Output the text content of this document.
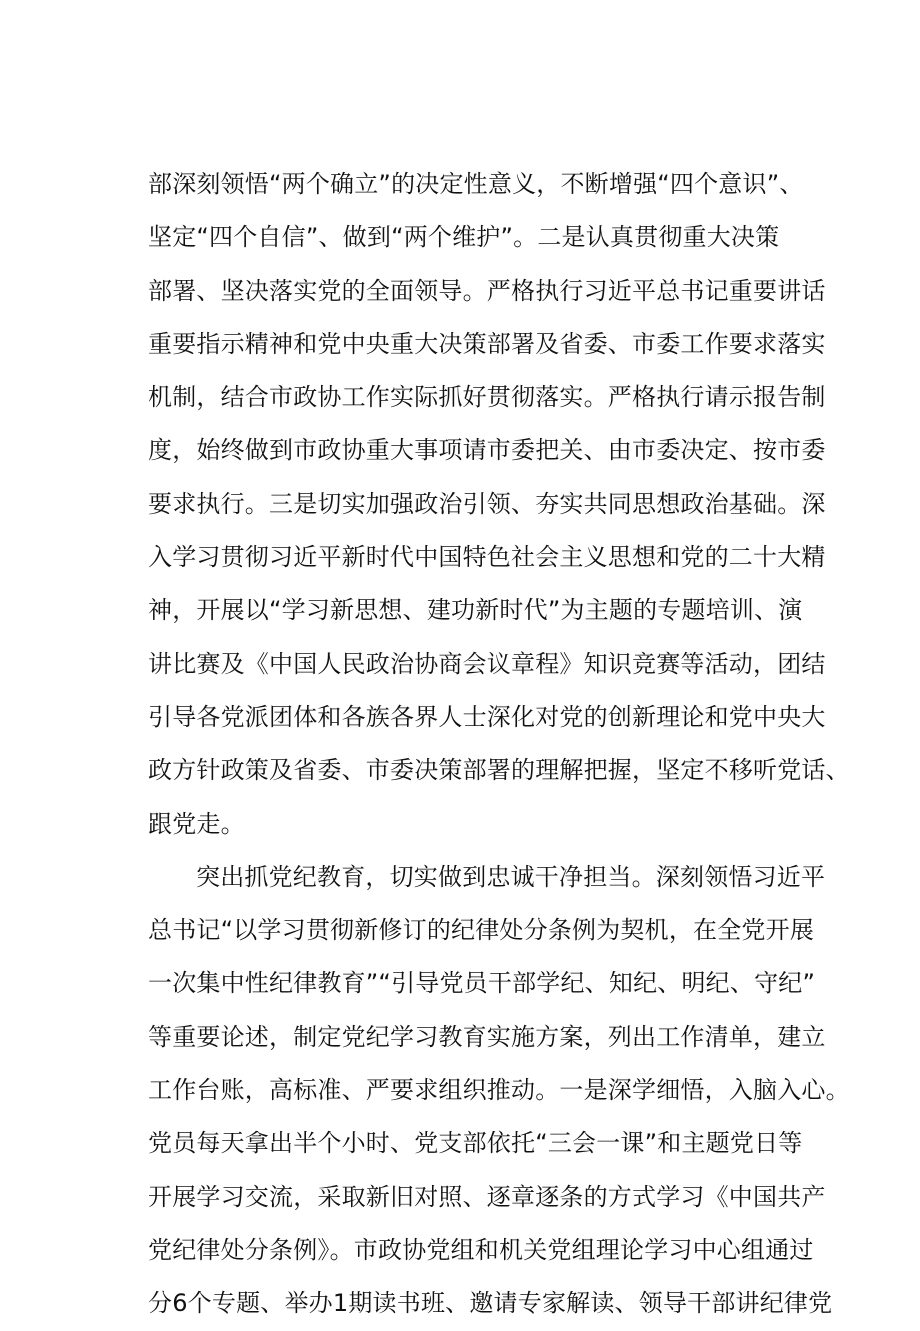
部深刻领悟“两个确立”的决定性意义，不断增强“四个意识”、
坚定“四个自信”、做到“两个维护”。二是认真贯彻重大决策
部署、坚决落实党的全面领导。严格执行习近平总书记重要讲话
重要指示精神和党中央重大决策部署及省委、市委工作要求落实
机制，结合市政协工作实际抓好贯彻落实。严格执行请示报告制
度，始终做到市政协重大事项请市委把关、由市委决定、按市委
要求执行。三是切实加强政治引领、夯实共同思想政治基础。深
入学习贯彻习近平新时代中国特色社会主义思想和党的二十大精
神，开展以“学习新思想、建功新时代”为主题的专题培训、演
讲比赛及《中国人民政治协商会议章程》知识竞赛等活动，团结
引导各党派团体和各族各界人士深化对党的创新理论和党中央大
政方针政策及省委、市委决策部署的理解把握，坚定不移听党话、
跟党走。
突出抓党纪教育，切实做到忠诚干净担当。深刻领悟习近平
总书记“以学习贯彻新修订的纪律处分条例为契机，在全党开展
一次集中性纪律教育”“引导党员干部学纪、知纪、明纪、守纪”
等重要论述，制定党纪学习教育实施方案，列出工作清单，建立
工作台账，高标准、严要求组织推动。一是深学细悟，入脑入心。
党员每天拿出半个小时、党支部依托“三会一课”和主题党日等
开展学习交流，采取新旧对照、逐章逐条的方式学习《中国共产
党纪律处分条例》。市政协党组和机关党组理论学习中心组通过
分6个专题、举办1期读书班、邀请专家解读、领导干部讲纪律党
